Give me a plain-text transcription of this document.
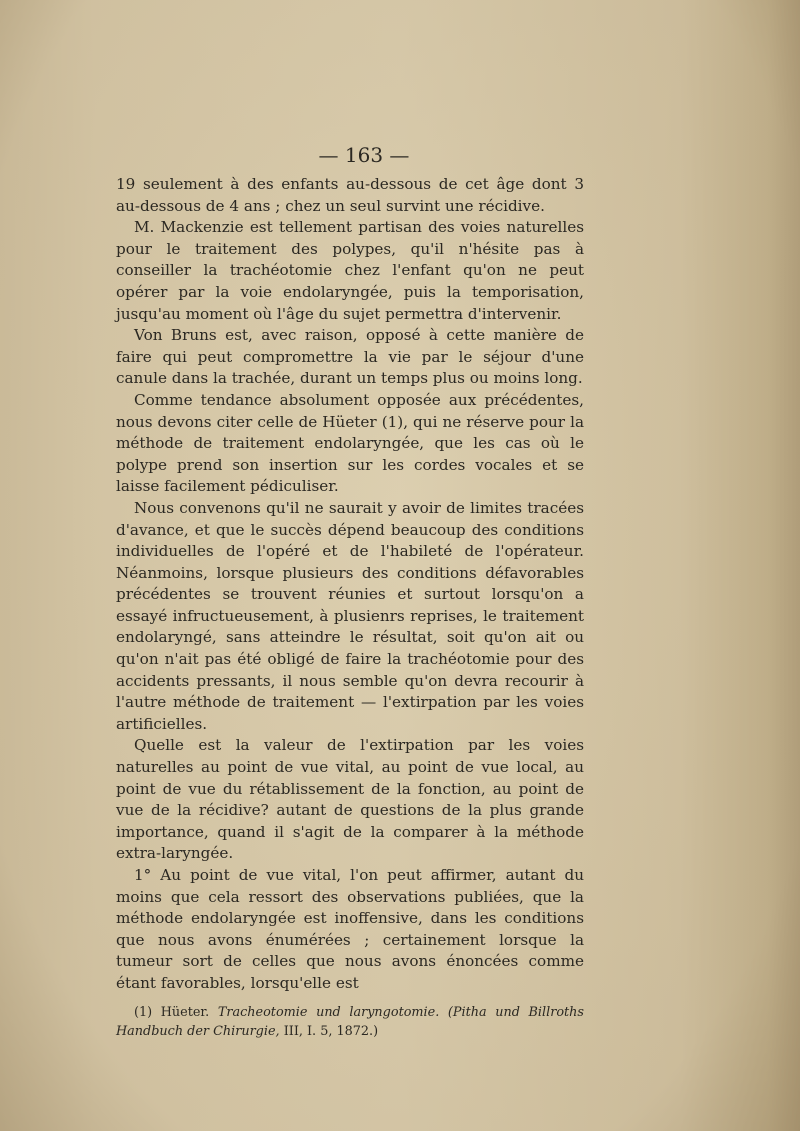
— 163 —

19 seulement à des enfants au-dessous de cet âge dont 3 au-dessous de 4 ans ; chez un seul survint une récidive.

M. Mackenzie est tellement partisan des voies naturelles pour le traitement des polypes, qu'il n'hésite pas à conseiller la trachéotomie chez l'enfant qu'on ne peut opérer par la voie endolaryngée, puis la temporisation, jusqu'au moment où l'âge du sujet permettra d'intervenir.

Von Bruns est, avec raison, opposé à cette manière de faire qui peut compromettre la vie par le séjour d'une canule dans la trachée, durant un temps plus ou moins long.

Comme tendance absolument opposée aux précédentes, nous devons citer celle de Hüeter (1), qui ne réserve pour la méthode de traitement endolaryngée, que les cas où le polype prend son insertion sur les cordes vocales et se laisse facilement pédiculiser.

Nous convenons qu'il ne saurait y avoir de limites tracées d'avance, et que le succès dépend beaucoup des conditions individuelles de l'opéré et de l'habileté de l'opérateur. Néanmoins, lorsque plusieurs des conditions défavorables précédentes se trouvent réunies et surtout lorsqu'on a essayé infructueusement, à plusienrs reprises, le traitement endolaryngé, sans atteindre le résultat, soit qu'on ait ou qu'on n'ait pas été obligé de faire la trachéotomie pour des accidents pressants, il nous semble qu'on devra recourir à l'autre méthode de traitement — l'extirpation par les voies artificielles.

Quelle est la valeur de l'extirpation par les voies naturelles au point de vue vital, au point de vue local, au point de vue du rétablissement de la fonction, au point de vue de la récidive? autant de questions de la plus grande importance, quand il s'agit de la comparer à la méthode extra-laryngée.

1° Au point de vue vital, l'on peut affirmer, autant du moins que cela ressort des observations publiées, que la méthode endolaryngée est inoffensive, dans les conditions que nous avons énumérées ; certainement lorsque la tumeur sort de celles que nous avons énoncées comme étant favorables, lorsqu'elle est

(1) Hüeter. Tracheotomie und laryngotomie. (Pitha und Billroths Handbuch der Chirurgie, III, I. 5, 1872.)
